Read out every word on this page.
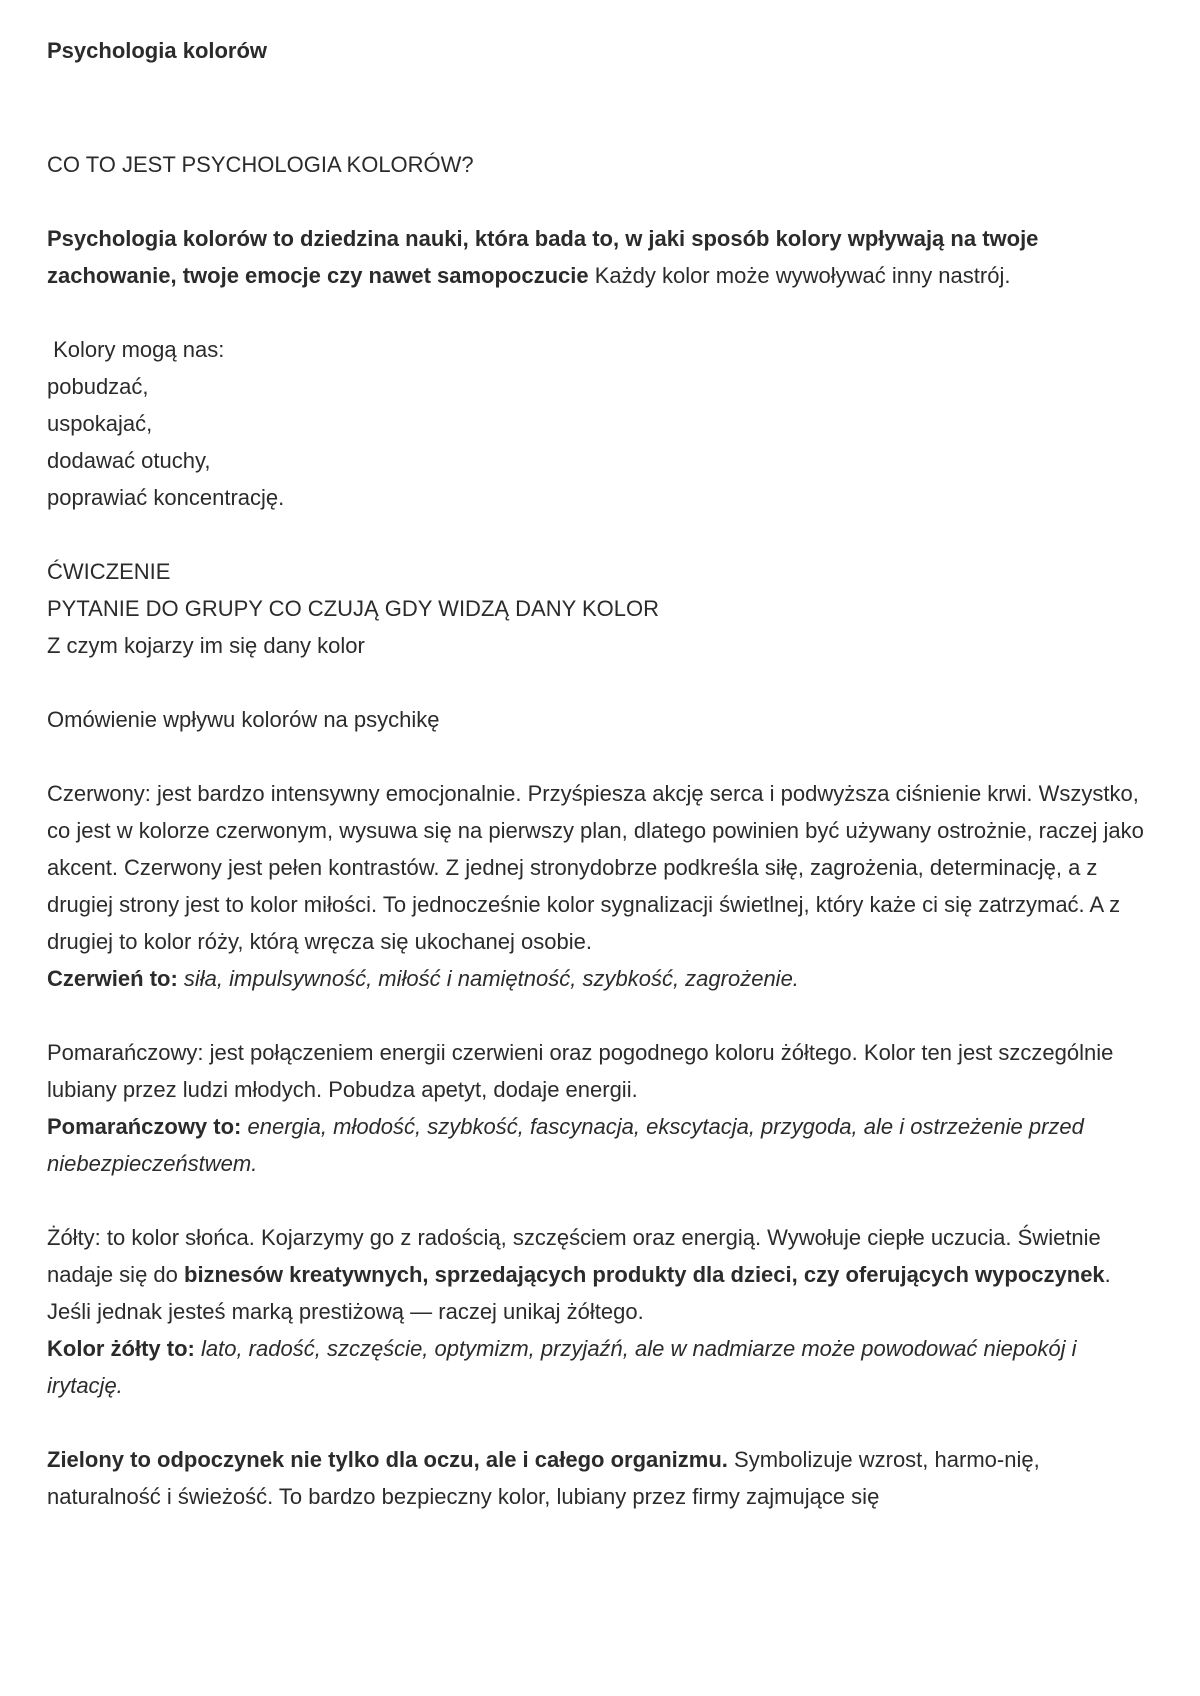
Psychologia kolorów

CO TO JEST PSYCHOLOGIA KOLORÓW?

Psychologia kolorów to dziedzina nauki, która bada to, w jaki sposób kolory wpływają na twoje zachowanie, twoje emocje czy nawet samopoczucie Każdy kolor może wywoływać inny nastrój.

Kolory mogą nas:
pobudzać,
uspokajać,
dodawać otuchy,
poprawiać koncentrację.

ĆWICZENIE
PYTANIE DO GRUPY CO CZUJĄ GDY WIDZĄ DANY KOLOR
Z czym kojarzy im się dany kolor

Omówienie wpływu kolorów na psychikę

Czerwony: jest bardzo intensywny emocjonalnie. Przyśpiesza akcję serca i podwyższa ciśnienie krwi. Wszystko, co jest w kolorze czerwonym, wysuwa się na pierwszy plan, dlatego powinien być używany ostrożnie, raczej jako akcent. Czerwony jest pełen kontrastów. Z jednej stronydobrze podkreśla siłę, zagrożenia, determinację, a z drugiej strony jest to kolor miłości. To jednocześnie kolor sygnalizacji świetlnej, który każe ci się zatrzymać. A z drugiej to kolor róży, którą wręcza się ukochanej osobie.
Czerwień to: siła, impulsywność, miłość i namiętność, szybkość, zagrożenie.

Pomarańczowy: jest połączeniem energii czerwieni oraz pogodnego koloru żółtego. Kolor ten jest szczególnie lubiany przez ludzi młodych. Pobudza apetyt, dodaje energii.
Pomarańczowy to: energia, młodość, szybkość, fascynacja, ekscytacja, przygoda, ale i ostrzeżenie przed niebezpieczeństwem.

Żółty: to kolor słońca. Kojarzymy go z radością, szczęściem oraz energią. Wywołuje ciepłe uczucia. Świetnie nadaje się do biznesów kreatywnych, sprzedających produkty dla dzieci, czy oferujących wypoczynek. Jeśli jednak jesteś marką prestiżową — raczej unikaj żółtego.
Kolor żółty to: lato, radość, szczęście, optymizm, przyjaźń, ale w nadmiarze może powodować niepokój i irytację.

Zielony to odpoczynek nie tylko dla oczu, ale i całego organizmu. Symbolizuje wzrost, harmo-nię, naturalność i świeżość. To bardzo bezpieczny kolor, lubiany przez firmy zajmujące się
